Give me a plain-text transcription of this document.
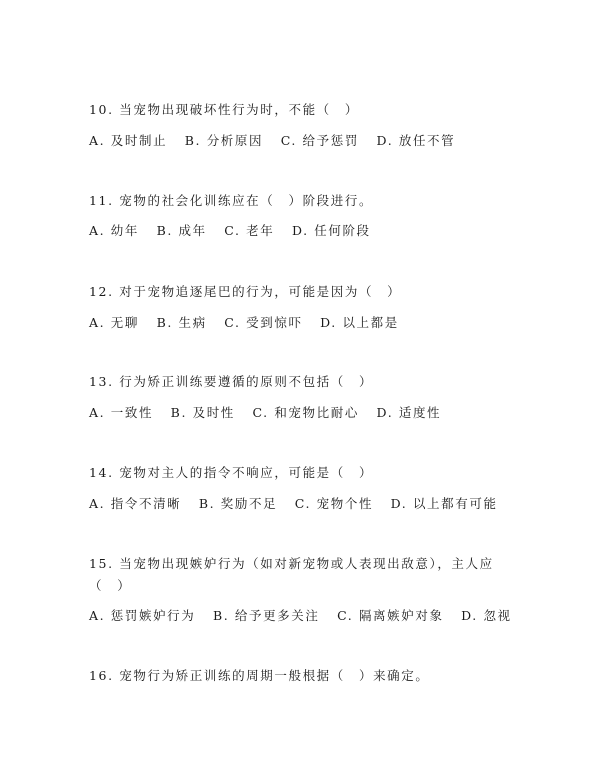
10. 当宠物出现破坏性行为时，不能（　）
A. 及时制止 B. 分析原因 C. 给予惩罚 D. 放任不管
11. 宠物的社会化训练应在（　）阶段进行。
A. 幼年 B. 成年 C. 老年 D. 任何阶段
12. 对于宠物追逐尾巴的行为，可能是因为（　）
A. 无聊 B. 生病 C. 受到惊吓 D. 以上都是
13. 行为矫正训练要遵循的原则不包括（　）
A. 一致性 B. 及时性 C. 和宠物比耐心 D. 适度性
14. 宠物对主人的指令不响应，可能是（　）
A. 指令不清晰 B. 奖励不足 C. 宠物个性 D. 以上都有可能
15. 当宠物出现嫉妒行为（如对新宠物或人表现出敌意），主人应
（　）
A. 惩罚嫉妒行为 B. 给予更多关注 C. 隔离嫉妒对象 D. 忽视
16. 宠物行为矫正训练的周期一般根据（　）来确定。
